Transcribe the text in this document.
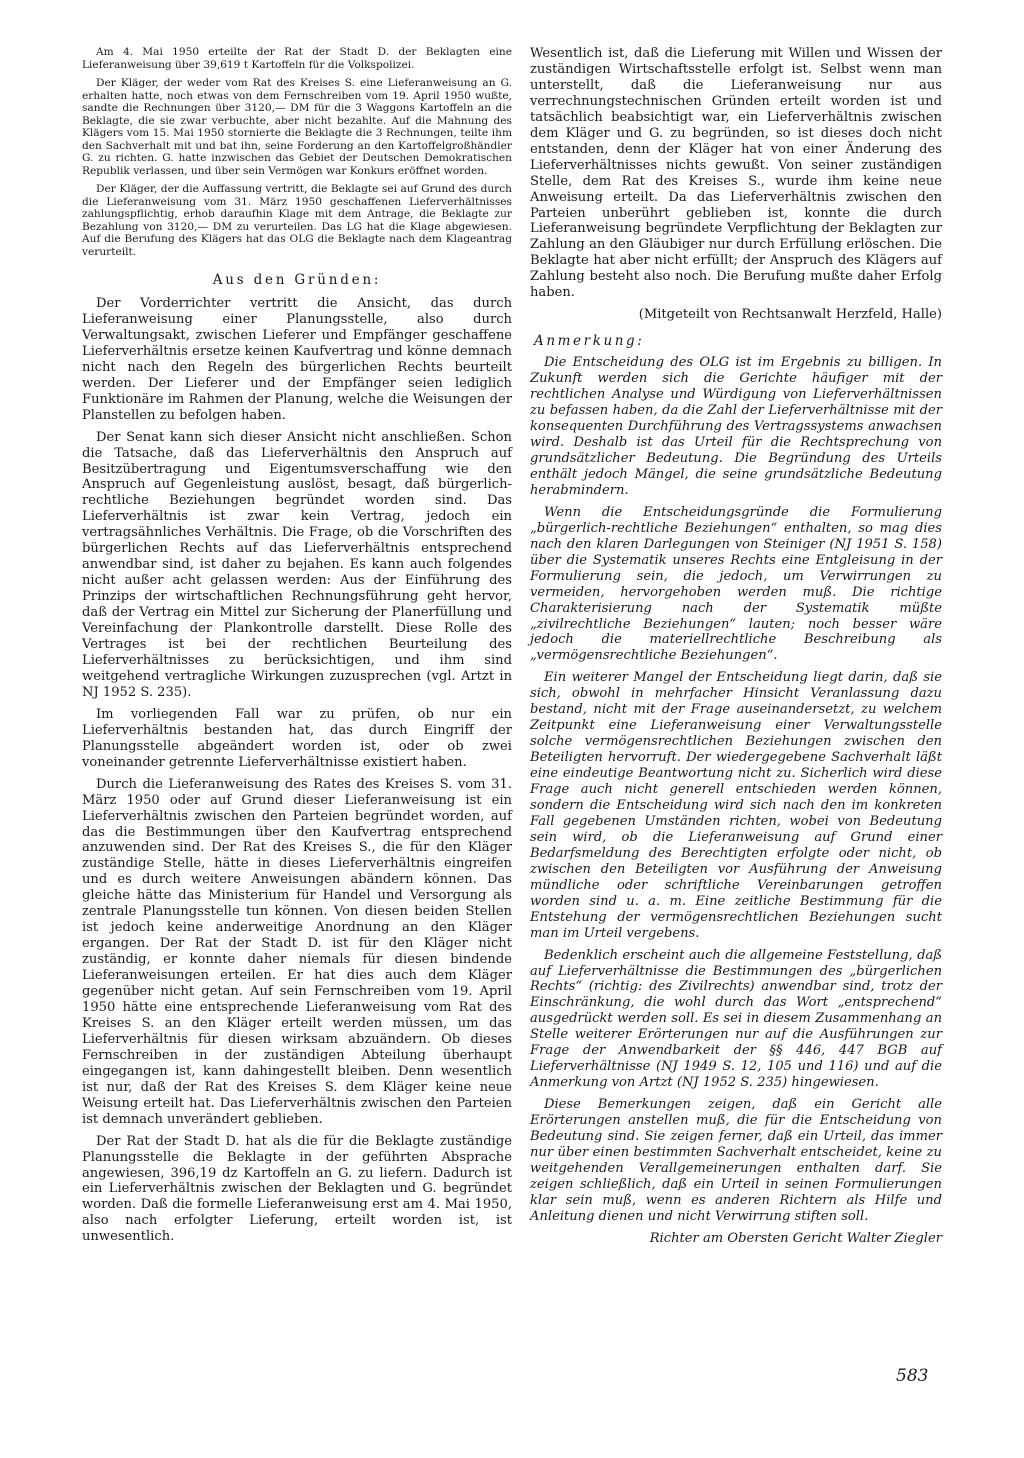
Am 4. Mai 1950 erteilte der Rat der Stadt D. der Beklagten eine Lieferanweisung über 39,619 t Kartoffeln für die Volkspolizei.

Der Kläger, der weder vom Rat des Kreises S. eine Lieferanweisung an G. erhalten hatte, noch etwas von dem Fernschreiben vom 19. April 1950 wußte, sandte die Rechnungen über 3120,— DM für die 3 Waggons Kartoffeln an die Beklagte, die sie zwar verbuchte, aber nicht bezahlte. Auf die Mahnung des Klägers vom 15. Mai 1950 stornierte die Beklagte die 3 Rechnungen, teilte ihm den Sachverhalt mit und bat ihn, seine Forderung an den Kartoffelgroßhändler G. zu richten. G. hatte inzwischen das Gebiet der Deutschen Demokratischen Republik verlassen, und über sein Vermögen war Konkurs eröffnet worden.

Der Kläger, der die Auffassung vertritt, die Beklagte sei auf Grund des durch die Lieferanweisung vom 31. März 1950 geschaffenen Lieferverhältnisses zahlungspflichtig, erhob daraufhin Klage mit dem Antrage, die Beklagte zur Bezahlung von 3120,— DM zu verurteilen. Das LG hat die Klage abgewiesen. Auf die Berufung des Klägers hat das OLG die Beklagte nach dem Klageantrag verurteilt.

Aus den Gründen:

Der Vorderrichter vertritt die Ansicht, das durch Lieferanweisung einer Planungsstelle, also durch Verwaltungsakt, zwischen Lieferer und Empfänger geschaffene Lieferverhältnis ersetze keinen Kaufvertrag und könne demnach nicht nach den Regeln des bürgerlichen Rechts beurteilt werden. Der Lieferer und der Empfänger seien lediglich Funktionäre im Rahmen der Planung, welche die Weisungen der Planstellen zu befolgen haben.

Der Senat kann sich dieser Ansicht nicht anschließen. Schon die Tatsache, daß das Lieferverhältnis den Anspruch auf Besitzübertragung und Eigentumsverschaffung wie den Anspruch auf Gegenleistung auslöst, besagt, daß bürgerlich-rechtliche Beziehungen begründet worden sind. Das Lieferverhältnis ist zwar kein Vertrag, jedoch ein vertragsähnliches Verhältnis. Die Frage, ob die Vorschriften des bürgerlichen Rechts auf das Lieferverhältnis entsprechend anwendbar sind, ist daher zu bejahen. Es kann auch folgendes nicht außer acht gelassen werden: Aus der Einführung des Prinzips der wirtschaftlichen Rechnungsführung geht hervor, daß der Vertrag ein Mittel zur Sicherung der Planerfüllung und Vereinfachung der Plankontrolle darstellt. Diese Rolle des Vertrages ist bei der rechtlichen Beurteilung des Lieferverhältnisses zu berücksichtigen, und ihm sind weitgehend vertragliche Wirkungen zuzusprechen (vgl. Artzt in NJ 1952 S. 235).

Im vorliegenden Fall war zu prüfen, ob nur ein Lieferverhältnis bestanden hat, das durch Eingriff der Planungsstelle abgeändert worden ist, oder ob zwei voneinander getrennte Lieferverhältnisse existiert haben.

Durch die Lieferanweisung des Rates des Kreises S. vom 31. März 1950 oder auf Grund dieser Lieferanweisung ist ein Lieferverhältnis zwischen den Parteien begründet worden, auf das die Bestimmungen über den Kaufvertrag entsprechend anzuwenden sind. Der Rat des Kreises S., die für den Kläger zuständige Stelle, hätte in dieses Lieferverhältnis eingreifen und es durch weitere Anweisungen abändern können. Das gleiche hätte das Ministerium für Handel und Versorgung als zentrale Planungsstelle tun können. Von diesen beiden Stellen ist jedoch keine anderweitige Anordnung an den Kläger ergangen. Der Rat der Stadt D. ist für den Kläger nicht zuständig, er konnte daher niemals für diesen bindende Lieferanweisungen erteilen. Er hat dies auch dem Kläger gegenüber nicht getan. Auf sein Fernschreiben vom 19. April 1950 hätte eine entsprechende Lieferanweisung vom Rat des Kreises S. an den Kläger erteilt werden müssen, um das Lieferverhältnis für diesen wirksam abzuändern. Ob dieses Fernschreiben in der zuständigen Abteilung überhaupt eingegangen ist, kann dahingestellt bleiben. Denn wesentlich ist nur, daß der Rat des Kreises S. dem Kläger keine neue Weisung erteilt hat. Das Lieferverhältnis zwischen den Parteien ist demnach unverändert geblieben.

Der Rat der Stadt D. hat als die für die Beklagte zuständige Planungsstelle die Beklagte in der geführten Absprache angewiesen, 396,19 dz Kartoffeln an G. zu liefern. Dadurch ist ein Lieferverhältnis zwischen der Beklagten und G. begründet worden. Daß die formelle Lieferanweisung erst am 4. Mai 1950, also nach erfolgter Lieferung, erteilt worden ist, ist unwesentlich.

Wesentlich ist, daß die Lieferung mit Willen und Wissen der zuständigen Wirtschaftsstelle erfolgt ist. Selbst wenn man unterstellt, daß die Lieferanweisung nur aus verrechnungstechnischen Gründen erteilt worden ist und tatsächlich beabsichtigt war, ein Lieferverhältnis zwischen dem Kläger und G. zu begründen, so ist dieses doch nicht entstanden, denn der Kläger hat von einer Änderung des Lieferverhältnisses nichts gewußt. Von seiner zuständigen Stelle, dem Rat des Kreises S., wurde ihm keine neue Anweisung erteilt. Da das Lieferverhältnis zwischen den Parteien unberührt geblieben ist, konnte die durch Lieferanweisung begründete Verpflichtung der Beklagten zur Zahlung an den Gläubiger nur durch Erfüllung erlöschen. Die Beklagte hat aber nicht erfüllt; der Anspruch des Klägers auf Zahlung besteht also noch. Die Berufung mußte daher Erfolg haben.

(Mitgeteilt von Rechtsanwalt Herzfeld, Halle)
Anmerkung:

Die Entscheidung des OLG ist im Ergebnis zu billigen. In Zukunft werden sich die Gerichte häufiger mit der rechtlichen Analyse und Würdigung von Lieferverhältnissen zu befassen haben, da die Zahl der Lieferverhältnisse mit der konsequenten Durchführung des Vertragssystems anwachsen wird. Deshalb ist das Urteil für die Rechtsprechung von grundsätzlicher Bedeutung. Die Begründung des Urteils enthält jedoch Mängel, die seine grundsätzliche Bedeutung herabmindern.

Wenn die Entscheidungsgründe die Formulierung „bürgerlich-rechtliche Beziehungen“ enthalten, so mag dies nach den klaren Darlegungen von Steiniger (NJ 1951 S. 158) über die Systematik unseres Rechts eine Entgleisung in der Formulierung sein, die jedoch, um Verwirrungen zu vermeiden, hervorgehoben werden muß. Die richtige Charakterisierung nach der Systematik müßte „zivilrechtliche Beziehungen“ lauten; noch besser wäre jedoch die materiellrechtliche Beschreibung als „vermögensrechtliche Beziehungen“.

Ein weiterer Mangel der Entscheidung liegt darin, daß sie sich, obwohl in mehrfacher Hinsicht Veranlassung dazu bestand, nicht mit der Frage auseinandersetzt, zu welchem Zeitpunkt eine Lieferanweisung einer Verwaltungsstelle solche vermögensrechtlichen Beziehungen zwischen den Beteiligten hervorruft. Der wiedergegebene Sachverhalt läßt eine eindeutige Beantwortung nicht zu. Sicherlich wird diese Frage auch nicht generell entschieden werden können, sondern die Entscheidung wird sich nach den im konkreten Fall gegebenen Umständen richten, wobei von Bedeutung sein wird, ob die Lieferanweisung auf Grund einer Bedarfsmeldung des Berechtigten erfolgte oder nicht, ob zwischen den Beteiligten vor Ausführung der Anweisung mündliche oder schriftliche Vereinbarungen getroffen worden sind u. a. m. Eine zeitliche Bestimmung für die Entstehung der vermögensrechtlichen Beziehungen sucht man im Urteil vergebens.

Bedenklich erscheint auch die allgemeine Feststellung, daß auf Lieferverhältnisse die Bestimmungen des „bürgerlichen Rechts“ (richtig: des Zivilrechts) anwendbar sind, trotz der Einschränkung, die wohl durch das Wort „entsprechend“ ausgedrückt werden soll. Es sei in diesem Zusammenhang an Stelle weiterer Erörterungen nur auf die Ausführungen zur Frage der Anwendbarkeit der §§ 446, 447 BGB auf Lieferverhältnisse (NJ 1949 S. 12, 105 und 116) und auf die Anmerkung von Artzt (NJ 1952 S. 235) hingewiesen.

Diese Bemerkungen zeigen, daß ein Gericht alle Erörterungen anstellen muß, die für die Entscheidung von Bedeutung sind. Sie zeigen ferner, daß ein Urteil, das immer nur über einen bestimmten Sachverhalt entscheidet, keine zu weitgehenden Verallgemeinerungen enthalten darf. Sie zeigen schließlich, daß ein Urteil in seinen Formulierungen klar sein muß, wenn es anderen Richtern als Hilfe und Anleitung dienen und nicht Verwirrung stiften soll.

Richter am Obersten Gericht Walter Ziegler
583
